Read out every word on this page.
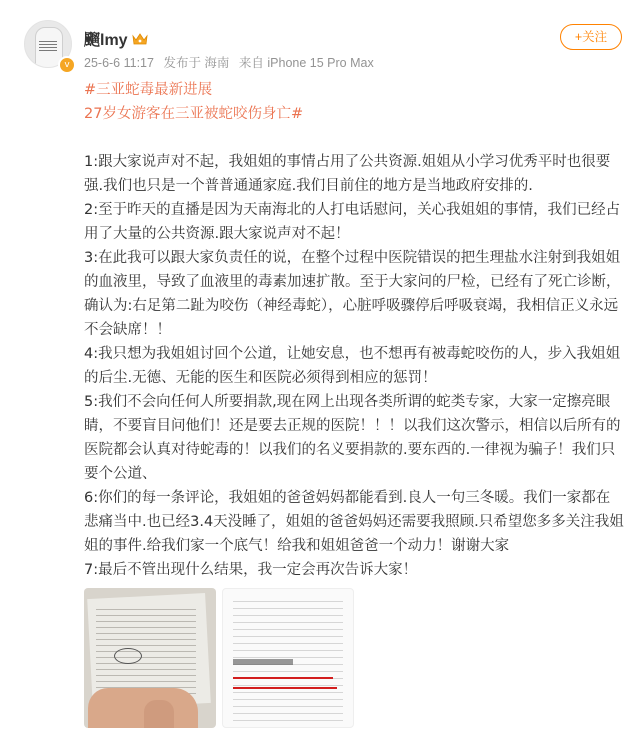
v
飀lmy
25-6-6 11:17 发布于 海南 来自 iPhone 15 Pro Max
+关注
#三亚蛇毒最新进展
27岁女游客在三亚被蛇咬伤身亡#
1:跟大家说声对不起，我姐姐的事情占用了公共资源.姐姐从小学习优秀平时也很要强.我们也只是一个普普通通家庭.我们目前住的地方是当地政府安排的.
2:至于昨天的直播是因为天南海北的人打电话慰问，关心我姐姐的事情，我们已经占用了大量的公共资源.跟大家说声对不起！
3:在此我可以跟大家负责任的说，在整个过程中医院错误的把生理盐水注射到我姐姐的血液里，导致了血液里的毒素加速扩散。至于大家问的尸检，已经有了死亡诊断，确认为:右足第二趾为咬伤（神经毒蛇），心脏呼吸骤停后呼吸衰竭，我相信正义永远不会缺席！！
4:我只想为我姐姐讨回个公道，让她安息，也不想再有被毒蛇咬伤的人，步入我姐姐的后尘.无德、无能的医生和医院必须得到相应的惩罚！
5:我们不会向任何人所要捐款,现在网上出现各类所谓的蛇类专家，大家一定擦亮眼睛，不要盲目问他们！还是要去正规的医院！！！以我们这次警示，相信以后所有的医院都会认真对待蛇毒的！以我们的名义要捐款的.要东西的.一律视为骗子！我们只要个公道、
6:你们的每一条评论，我姐姐的爸爸妈妈都能看到.良人一句三冬暖。我们一家都在悲痛当中.也已经3.4天没睡了，姐姐的爸爸妈妈还需要我照顾.只希望您多多关注我姐姐的事件.给我们家一个底气！给我和姐姐爸爸一个动力！谢谢大家
7:最后不管出现什么结果，我一定会再次告诉大家！
